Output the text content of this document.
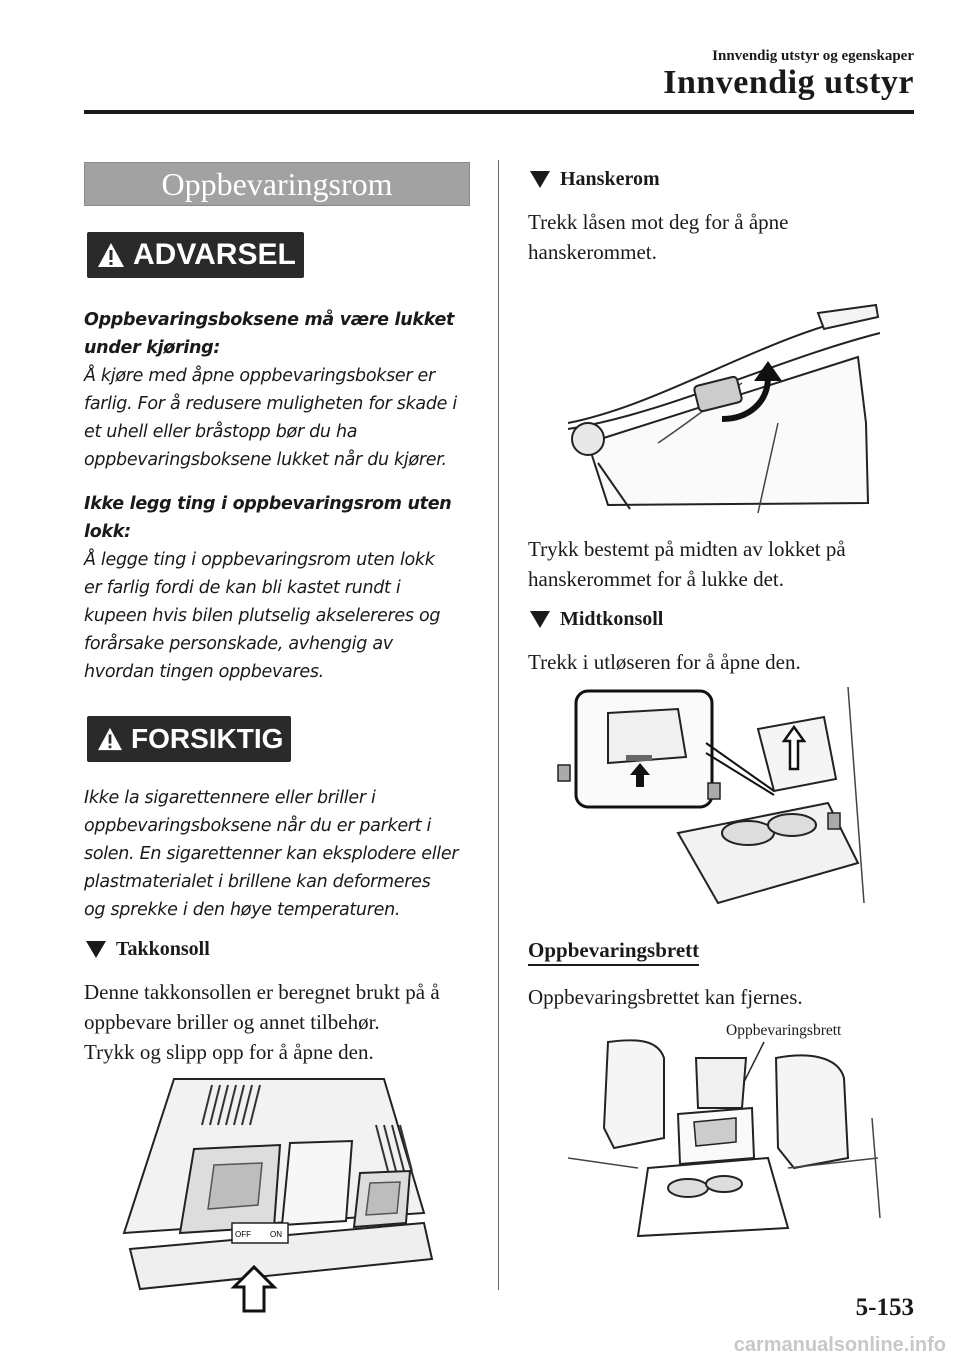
Innvendig utstyr og egenskaper
Innvendig utstyr
Oppbevaringsrom
ADVARSEL
Oppbevaringsboksene må være lukket
under kjøring:
Å kjøre med åpne oppbevaringsbokser er
farlig. For å redusere muligheten for skade i
et uhell eller bråstopp bør du ha
oppbevaringsboksene lukket når du kjører.
Ikke legg ting i oppbevaringsrom uten lokk:
Å legge ting i oppbevaringsrom uten lokk
er farlig fordi de kan bli kastet rundt i
kupeen hvis bilen plutselig akselereres og
forårsake personskade, avhengig av
hvordan tingen oppbevares.
FORSIKTIG
Ikke la sigarettennere eller briller i
oppbevaringsboksene når du er parkert i
solen. En sigarettenner kan eksplodere eller
plastmaterialet i brillene kan deformeres
og sprekke i den høye temperaturen.
Takkonsoll
Denne takkonsollen er beregnet brukt på å
oppbevare briller og annet tilbehør.
Trykk og slipp opp for å åpne den.
OFF ON
Hanskerom
Trekk låsen mot deg for å åpne
hanskerommet.
Trykk bestemt på midten av lokket på
hanskerommet for å lukke det.
Midtkonsoll
Trekk i utløseren for å åpne den.
Oppbevaringsbrett
Oppbevaringsbrettet kan fjernes.
Oppbevaringsbrett
5-153
carmanualsonline.info
